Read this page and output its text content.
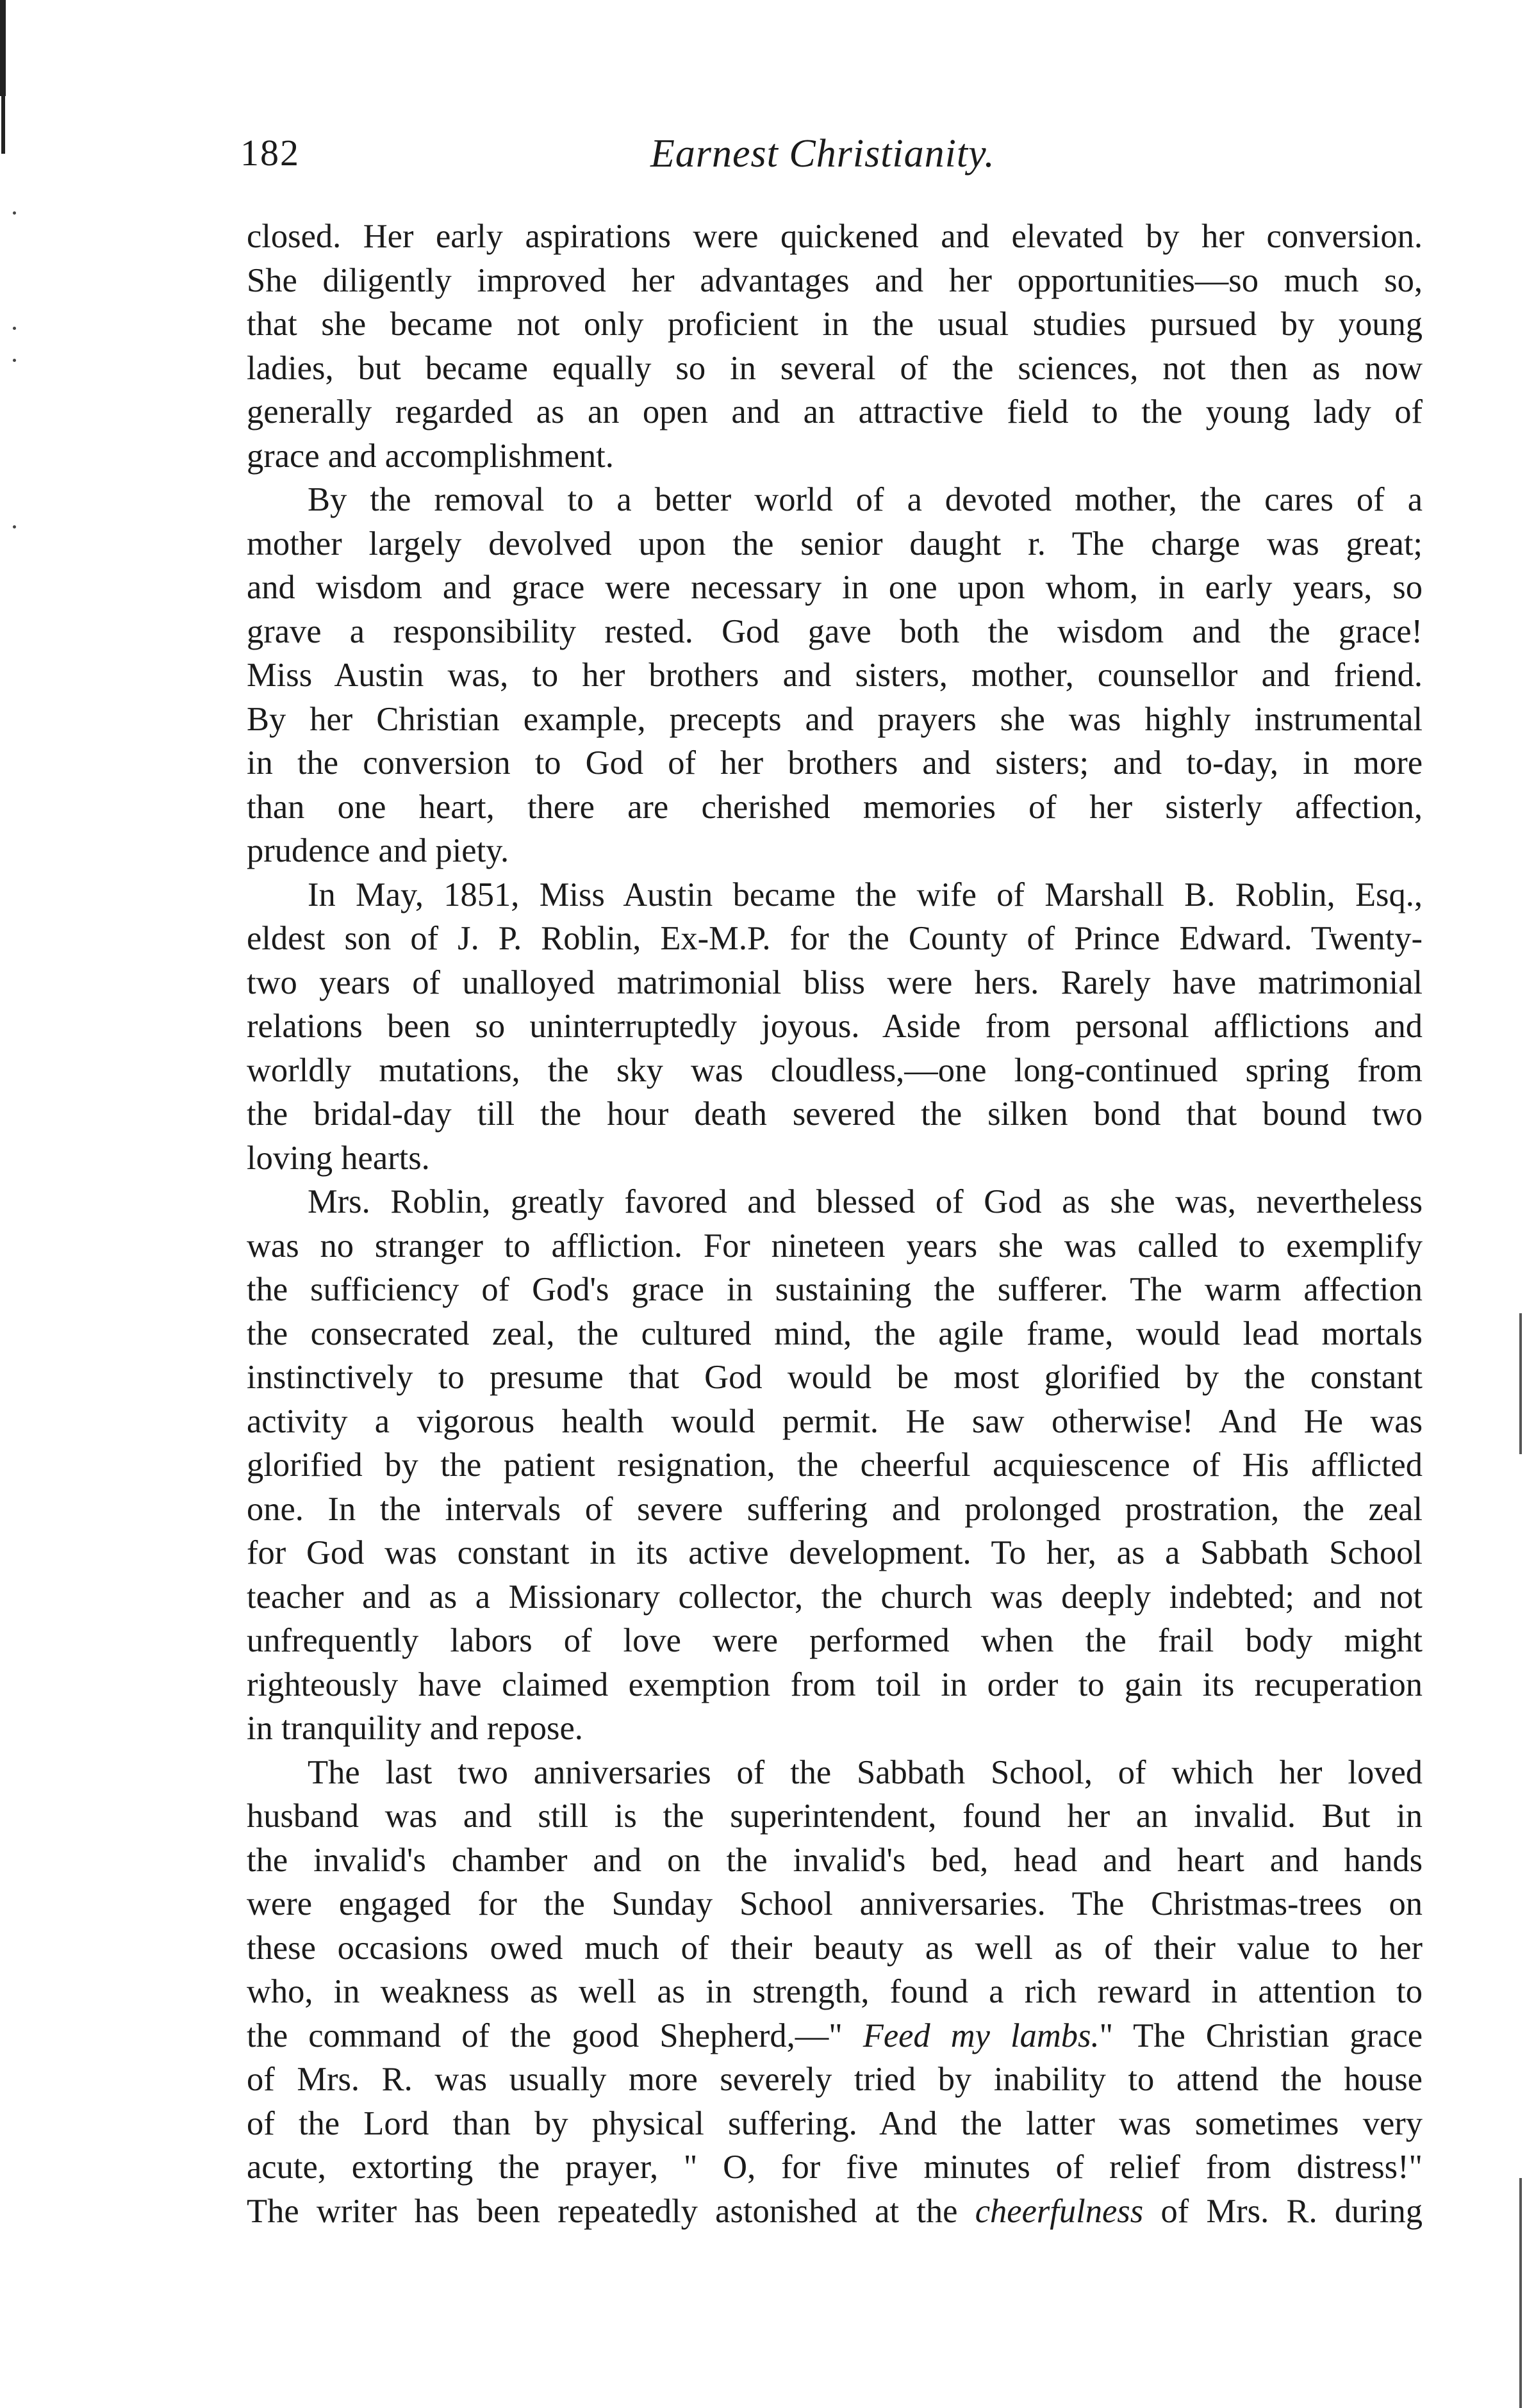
182	Earnest Christianity.
closed. Her early aspirations were quickened and elevated by her conversion.
She diligently improved her advantages and her opportunities—so much so,
that she became not only proficient in the usual studies pursued by young
ladies, but became equally so in several of the sciences, not then as now
generally regarded as an open and an attractive field to the young lady of
grace and accomplishment.
By the removal to a better world of a devoted mother, the cares of a
mother largely devolved upon the senior daught r. The charge was great;
and wisdom and grace were necessary in one upon whom, in early years, so
grave a responsibility rested. God gave both the wisdom and the grace!
Miss Austin was, to her brothers and sisters, mother, counsellor and friend.
By her Christian example, precepts and prayers she was highly instrumental
in the conversion to God of her brothers and sisters; and to-day, in more
than one heart, there are cherished memories of her sisterly affection,
prudence and piety.
In May, 1851, Miss Austin became the wife of Marshall B. Roblin, Esq.,
eldest son of J. P. Roblin, Ex-M.P. for the County of Prince Edward. Twenty-
two years of unalloyed matrimonial bliss were hers. Rarely have matrimonial
relations been so uninterruptedly joyous. Aside from personal afflictions and
worldly mutations, the sky was cloudless,—one long-continued spring from
the bridal-day till the hour death severed the silken bond that bound two
loving hearts.
Mrs. Roblin, greatly favored and blessed of God as she was, nevertheless
was no stranger to affliction. For nineteen years she was called to exemplify
the sufficiency of God's grace in sustaining the sufferer. The warm affection
the consecrated zeal, the cultured mind, the agile frame, would lead mortals
instinctively to presume that God would be most glorified by the constant
activity a vigorous health would permit. He saw otherwise! And He was
glorified by the patient resignation, the cheerful acquiescence of His afflicted
one. In the intervals of severe suffering and prolonged prostration, the zeal
for God was constant in its active development. To her, as a Sabbath School
teacher and as a Missionary collector, the church was deeply indebted; and not
unfrequently labors of love were performed when the frail body might
righteously have claimed exemption from toil in order to gain its recuperation
in tranquility and repose.
The last two anniversaries of the Sabbath School, of which her loved
husband was and still is the superintendent, found her an invalid. But in
the invalid's chamber and on the invalid's bed, head and heart and hands
were engaged for the Sunday School anniversaries. The Christmas-trees on
these occasions owed much of their beauty as well as of their value to her
who, in weakness as well as in strength, found a rich reward in attention to
the command of the good Shepherd,—" Feed my lambs." The Christian grace
of Mrs. R. was usually more severely tried by inability to attend the house
of the Lord than by physical suffering. And the latter was sometimes very
acute, extorting the prayer, " O, for five minutes of relief from distress!"
The writer has been repeatedly astonished at the cheerfulness of Mrs. R. during
